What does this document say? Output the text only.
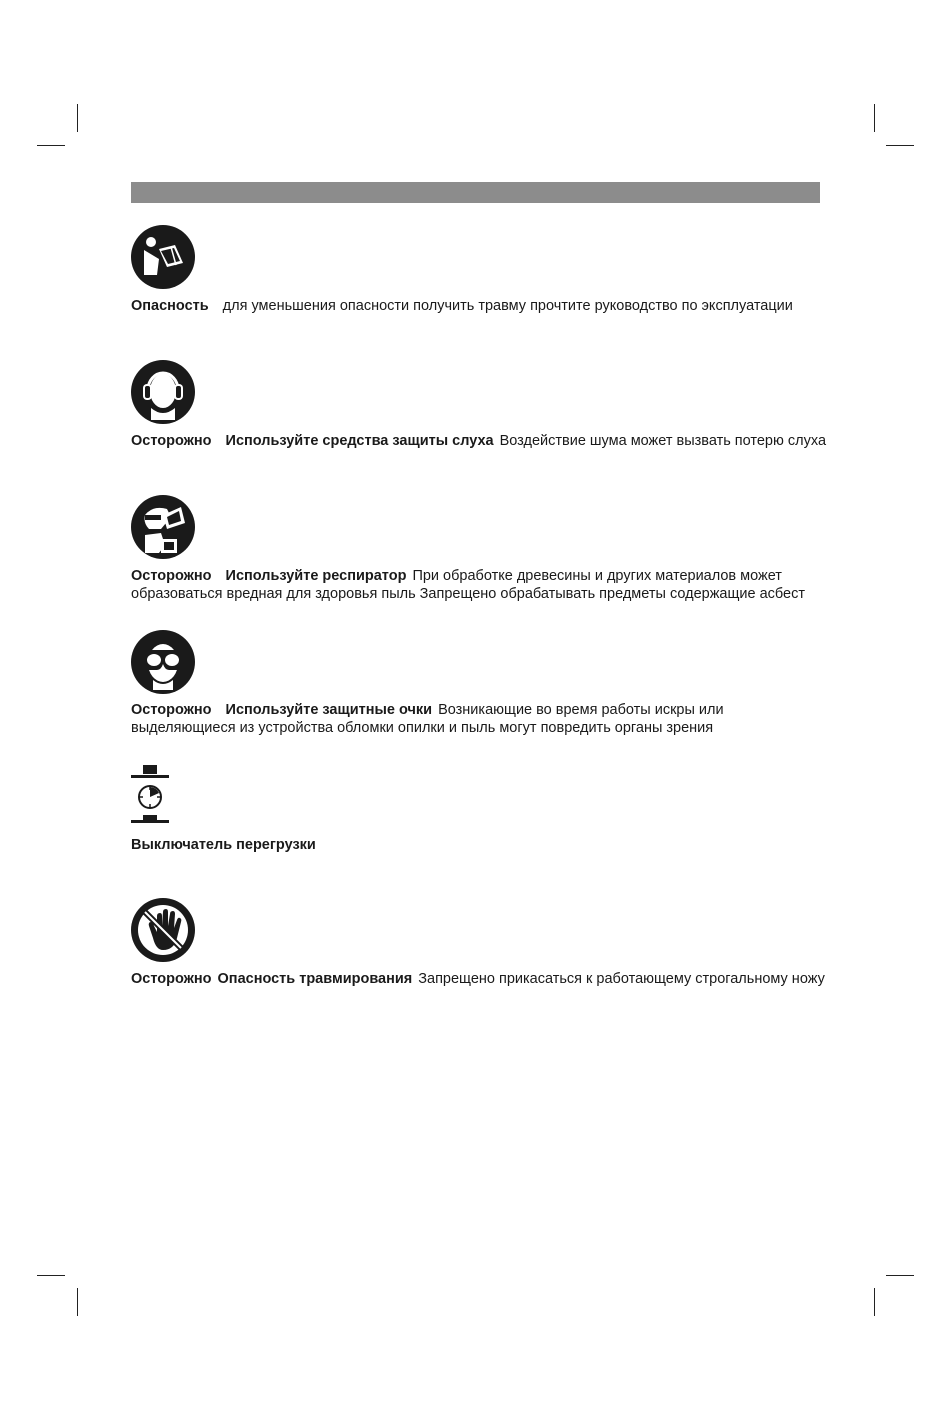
Опасность для уменьшения опасности получить травму прочтите руководство по эксплуатации

Осторожно Используйте средства защиты слуха Воздействие шума может вызвать потерю слуха

Осторожно Используйте респиратор При обработке древесины и других материалов может образоваться вредная для здоровья пыль Запрещено обрабатывать предметы содержащие асбест

Осторожно Используйте защитные очки Возникающие во время работы искры или выделяющиеся из устройства обломки опилки и пыль могут повредить органы зрения

Выключатель перегрузки

Осторожно Опасность травмирования Запрещено прикасаться к работающему строгальному ножу
